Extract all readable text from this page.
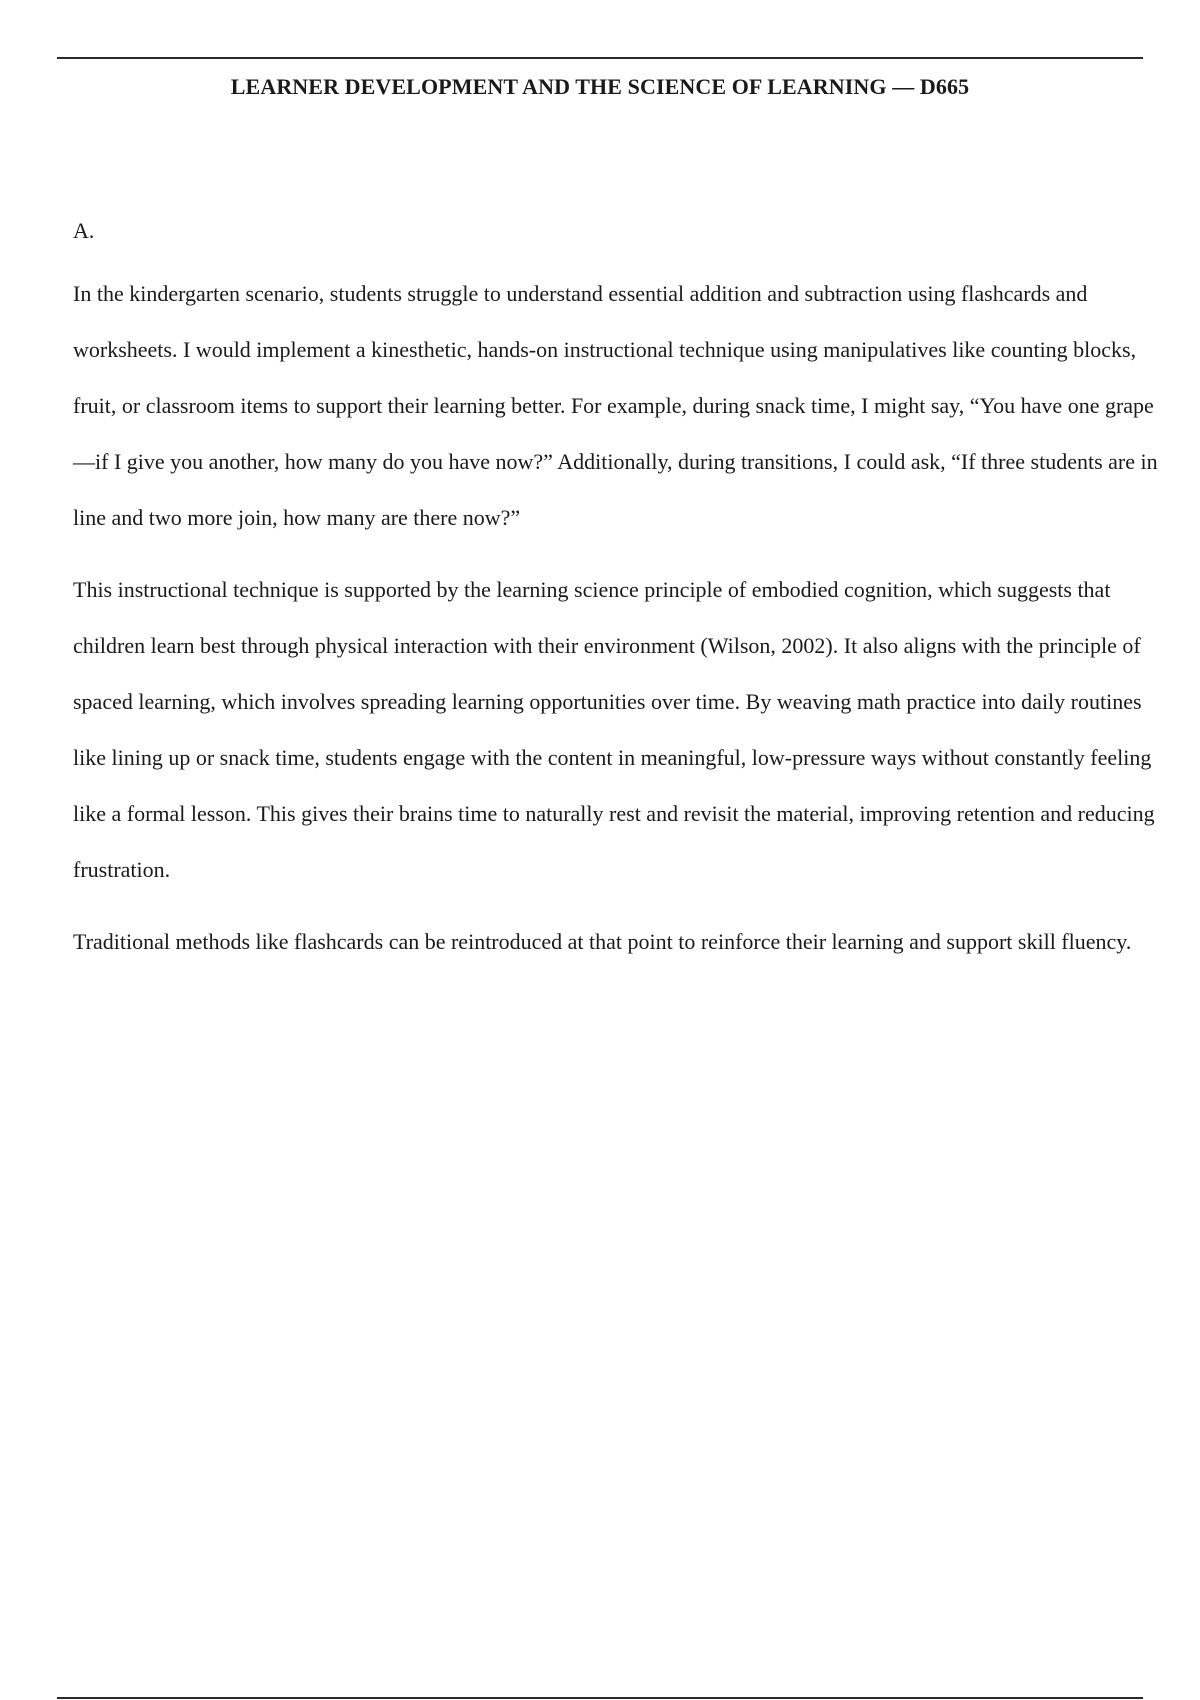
LEARNER DEVELOPMENT AND THE SCIENCE OF LEARNING — D665

A.

In the kindergarten scenario, students struggle to understand essential addition and subtraction using flashcards and worksheets. I would implement a kinesthetic, hands-on instructional technique using manipulatives like counting blocks, fruit, or classroom items to support their learning better. For example, during snack time, I might say, “You have one grape—if I give you another, how many do you have now?” Additionally, during transitions, I could ask, “If three students are in line and two more join, how many are there now?”

This instructional technique is supported by the learning science principle of embodied cognition, which suggests that children learn best through physical interaction with their environment (Wilson, 2002). It also aligns with the principle of spaced learning, which involves spreading learning opportunities over time. By weaving math practice into daily routines like lining up or snack time, students engage with the content in meaningful, low-pressure ways without constantly feeling like a formal lesson. This gives their brains time to naturally rest and revisit the material, improving retention and reducing frustration.

Traditional methods like flashcards can be reintroduced at that point to reinforce their learning and support skill fluency.
